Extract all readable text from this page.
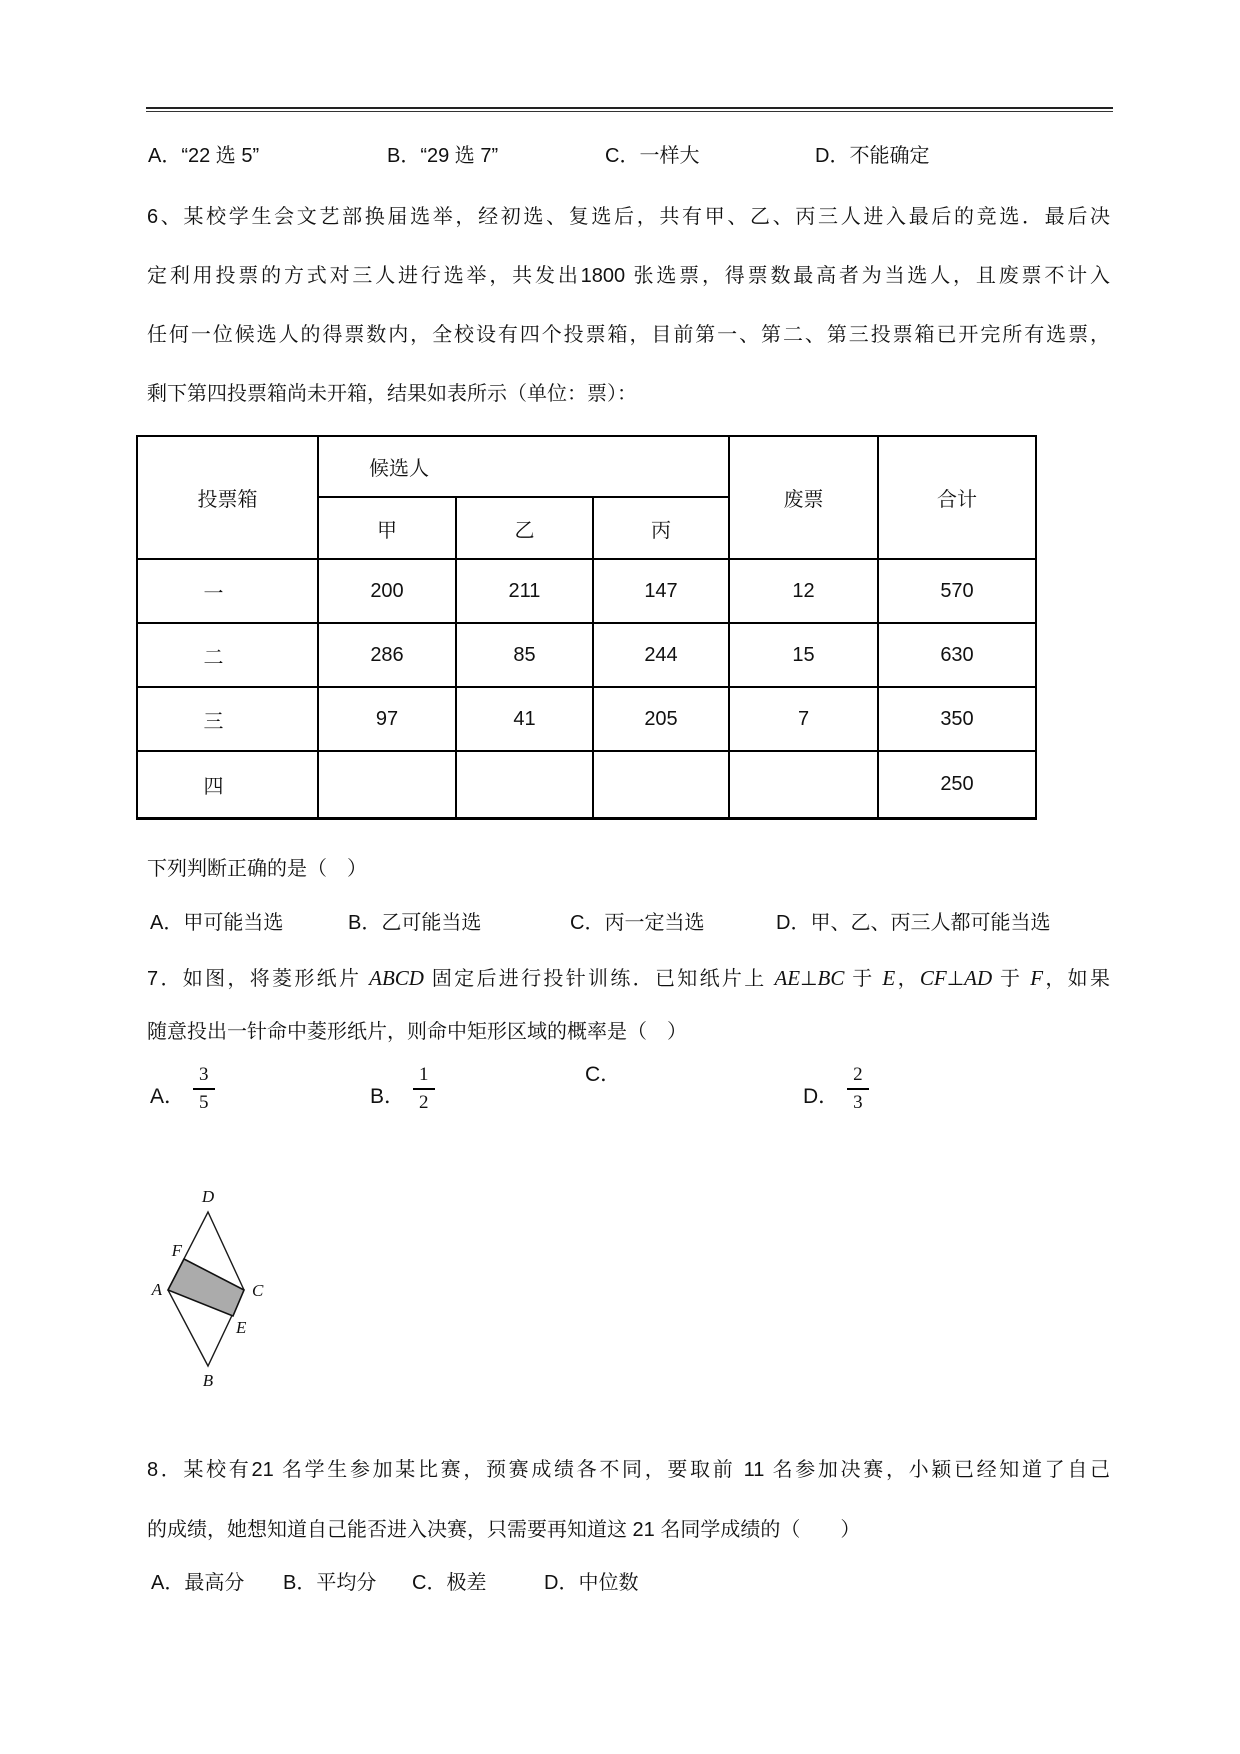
A．“22 选 5”	B．“29 选 7”	C．一样大	D．不能确定
6、某校学生会文艺部换届选举，经初选、复选后，共有甲、乙、丙三人进入最后的竞选．最后决
定利用投票的方式对三人进行选举，共发出1800 张选票，得票数最高者为当选人，且废票不计入
任何一位候选人的得票数内，全校设有四个投票箱，目前第一、第二、第三投票箱已开完所有选票，
剩下第四投票箱尚未开箱，结果如表所示（单位：票）：
投票箱	候选人			废票	合计
	甲	乙	丙		
一	200	211	147	12	570
二	286	85	244	15	630
三	97	41	205	7	350
四					250
下列判断正确的是（　）
A．甲可能当选	B．乙可能当选	C．丙一定当选	D．甲、乙、丙三人都可能当选
7．如图，将菱形纸片 ABCD 固定后进行投针训练．已知纸片上 AE⊥BC 于 E，CF⊥AD 于 F，如果
随意投出一针命中菱形纸片，则命中矩形区域的概率是（　）
A． $\frac{3}{5}$	B． $\frac{1}{2}$	C．
D． $\frac{2}{3}$
D
F
A	C
E
B
8．某校有21 名学生参加某比赛，预赛成绩各不同，要取前 11 名参加决赛，小颖已经知道了自己
的成绩，她想知道自己能否进入决赛，只需要再知道这 21 名同学成绩的（　　）
A．最高分 B．平均分 C．极差	D．中位数
